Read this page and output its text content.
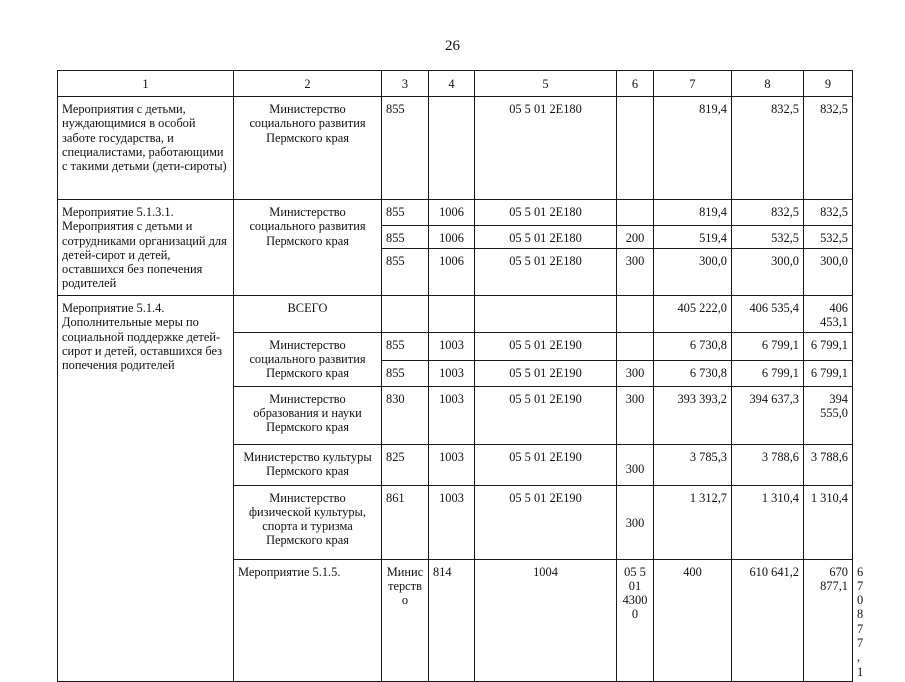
26
1	2	3	4	5	6	7	8	9	
Мероприятия с детьми, нуждающимися в особой заботе государства, и специалистами, работающими с такими детьми (дети-сироты)	Министерство социального развития Пермского края	855		05 5 01 2E180		819,4	832,5	832,5	
Мероприятие 5.1.3.1. Мероприятия с детьми и сотрудниками организаций для детей-сирот и детей, оставшихся без попечения родителей	Министерство социального развития Пермского края	855	1006	05 5 01 2E180		819,4	832,5	832,5	
		855	1006	05 5 01 2E180	200	519,4	532,5	532,5	
		855	1006	05 5 01 2E180	300	300,0	300,0	300,0	
Мероприятие 5.1.4. Дополнительные меры по социальной поддержке детей-сирот и детей, оставшихся без попечения родителей	ВСЕГО					405 222,0	406 535,4	406 453,1	
	Министерство социального развития Пермского края	855	1003	05 5 01 2E190		6 730,8	6 799,1	6 799,1	
		855	1003	05 5 01 2E190	300	6 730,8	6 799,1	6 799,1	
	Министерство образования и науки Пермского края	830	1003	05 5 01 2E190	300	393 393,2	394 637,3	394 555,0	
	Министерство культуры Пермского края	825	1003	05 5 01 2E190	300	3 785,3	3 788,6	3 788,6	
	Министерство физической культуры, спорта и туризма Пермского края	861	1003	05 5 01 2E190	300	1 312,7	1 310,4	1 310,4	
	Мероприятие 5.1.5.	Министерство	814	1004	05 5 01 43000	400	610 641,2	670 877,1	670 877,1
